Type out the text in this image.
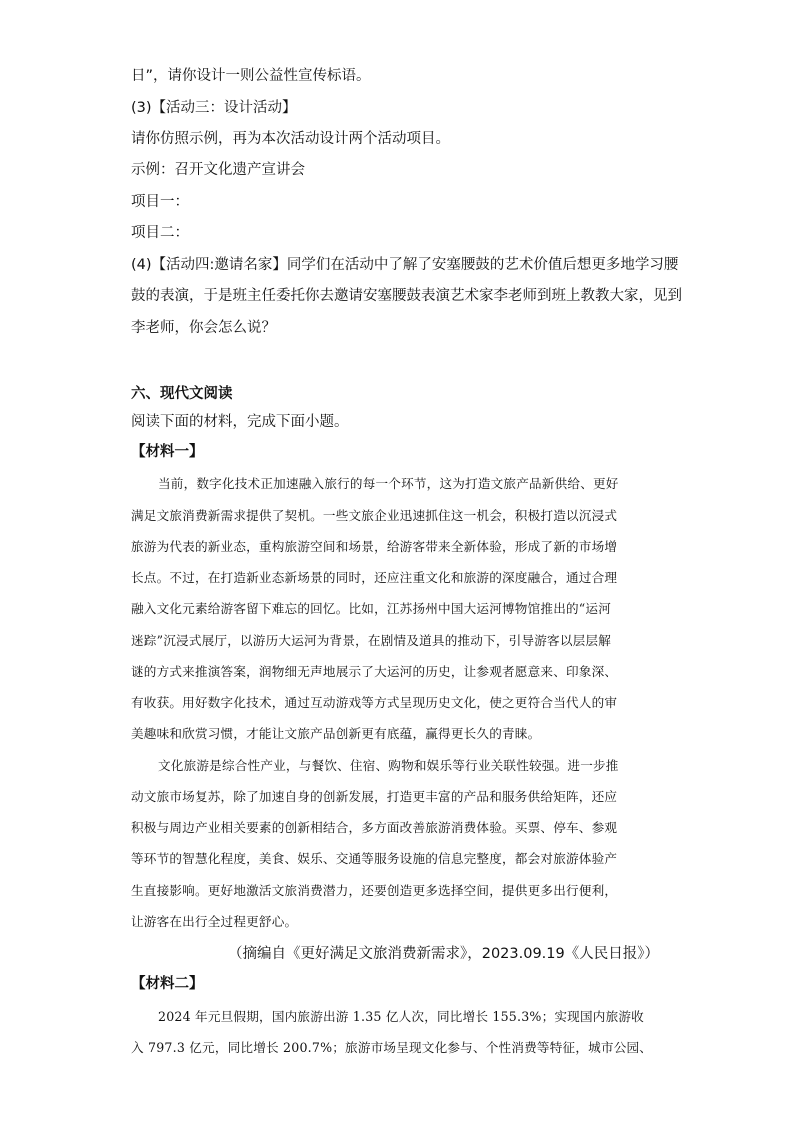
日”，请你设计一则公益性宣传标语。
(3)【活动三：设计活动】
请你仿照示例，再为本次活动设计两个活动项目。
示例：召开文化遗产宣讲会
项目一：
项目二：
(4)【活动四:邀请名家】同学们在活动中了解了安塞腰鼓的艺术价值后想更多地学习腰
鼓的表演，于是班主任委托你去邀请安塞腰鼓表演艺术家李老师到班上教教大家，见到
李老师，你会怎么说？
六、现代文阅读
阅读下面的材料，完成下面小题。
【材料一】
当前，数字化技术正加速融入旅行的每一个环节，这为打造文旅产品新供给、更好
满足文旅消费新需求提供了契机。一些文旅企业迅速抓住这一机会，积极打造以沉浸式
旅游为代表的新业态，重构旅游空间和场景，给游客带来全新体验，形成了新的市场增
长点。不过，在打造新业态新场景的同时，还应注重文化和旅游的深度融合，通过合理
融入文化元素给游客留下难忘的回忆。比如，江苏扬州中国大运河博物馆推出的“运河
迷踪”沉浸式展厅，以游历大运河为背景，在剧情及道具的推动下，引导游客以层层解
谜的方式来推演答案，润物细无声地展示了大运河的历史，让参观者愿意来、印象深、
有收获。用好数字化技术，通过互动游戏等方式呈现历史文化，使之更符合当代人的审
美趣味和欣赏习惯，才能让文旅产品创新更有底蕴，赢得更长久的青睐。
文化旅游是综合性产业，与餐饮、住宿、购物和娱乐等行业关联性较强。进一步推
动文旅市场复苏，除了加速自身的创新发展，打造更丰富的产品和服务供给矩阵，还应
积极与周边产业相关要素的创新相结合，多方面改善旅游消费体验。买票、停车、参观
等环节的智慧化程度，美食、娱乐、交通等服务设施的信息完整度，都会对旅游体验产
生直接影响。更好地激活文旅消费潜力，还要创造更多选择空间，提供更多出行便利，
让游客在出行全过程更舒心。
（摘编自《更好满足文旅消费新需求》，2023.09.19《人民日报》）
【材料二】
2024 年元旦假期，国内旅游出游 1.35 亿人次，同比增长 155.3%；实现国内旅游收
入 797.3 亿元，同比增长 200.7%；旅游市场呈现文化参与、个性消费等特征，城市公园、
